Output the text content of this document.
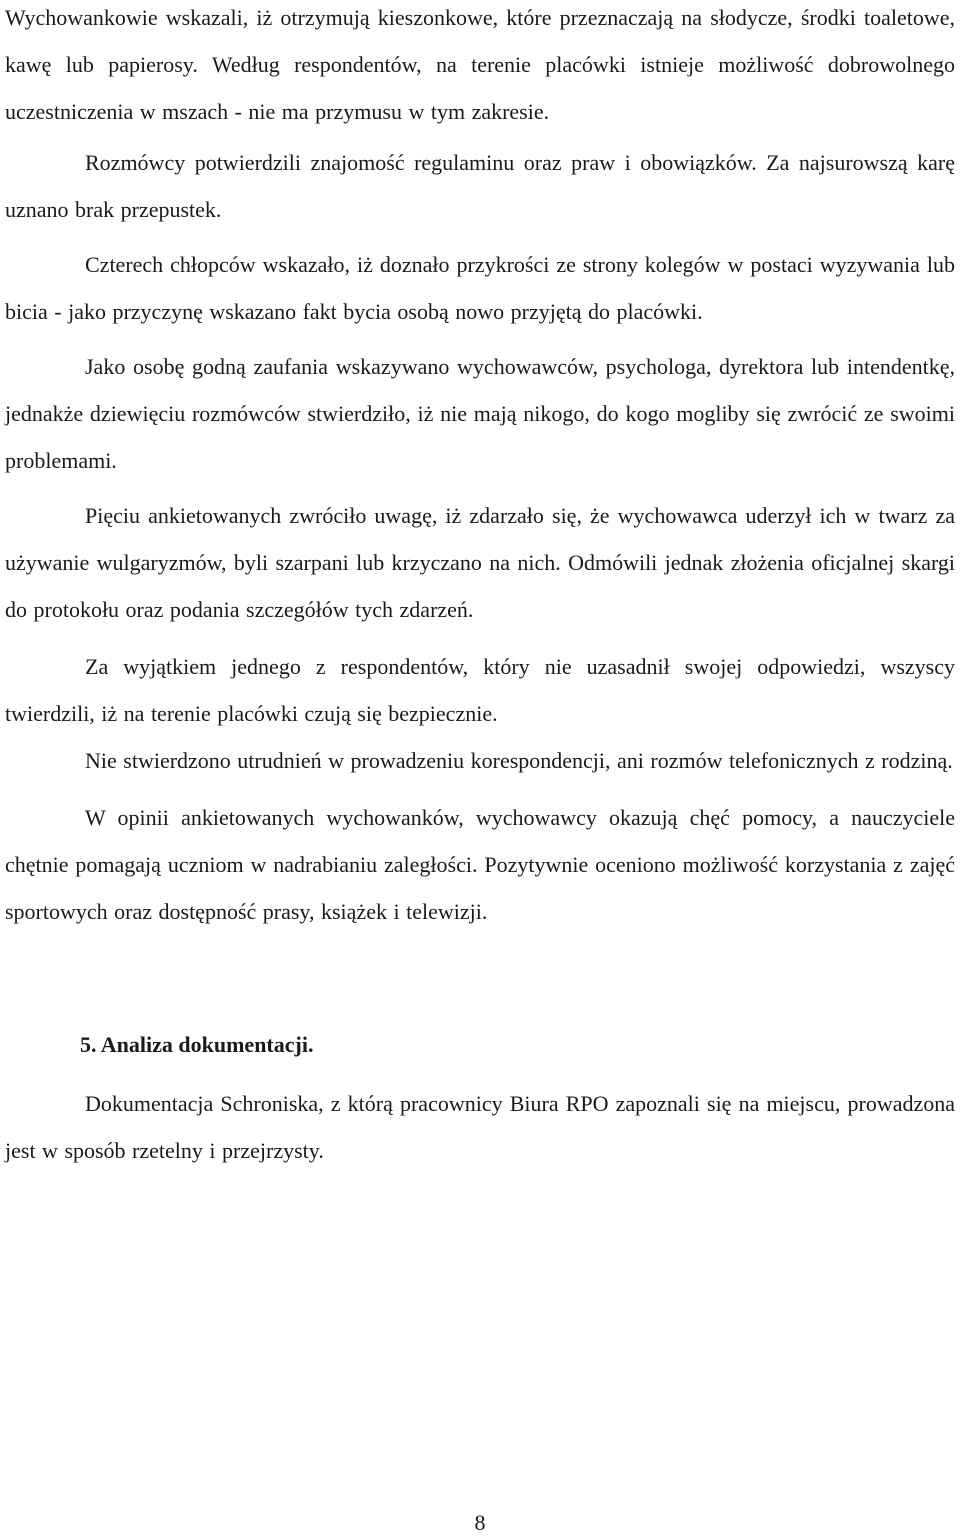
Wychowankowie wskazali, iż otrzymują kieszonkowe, które przeznaczają na słodycze, środki toaletowe, kawę lub papierosy. Według respondentów, na terenie placówki istnieje możliwość dobrowolnego uczestniczenia w mszach - nie ma przymusu w tym zakresie.

Rozmówcy potwierdzili znajomość regulaminu oraz praw i obowiązków. Za najsurowszą karę uznano brak przepustek.

Czterech chłopców wskazało, iż doznało przykrości ze strony kolegów w postaci wyzywania lub bicia - jako przyczynę wskazano fakt bycia osobą nowo przyjętą do placówki.

Jako osobę godną zaufania wskazywano wychowawców, psychologa, dyrektora lub intendentkę, jednakże dziewięciu rozmówców stwierdziło, iż nie mają nikogo, do kogo mogliby się zwrócić ze swoimi problemami.

Pięciu ankietowanych zwróciło uwagę, iż zdarzało się, że wychowawca uderzył ich w twarz za używanie wulgaryzmów, byli szarpani lub krzyczano na nich. Odmówili jednak złożenia oficjalnej skargi do protokołu oraz podania szczegółów tych zdarzeń.

Za wyjątkiem jednego z respondentów, który nie uzasadnił swojej odpowiedzi, wszyscy twierdzili, iż na terenie placówki czują się bezpiecznie.

Nie stwierdzono utrudnień w prowadzeniu korespondencji, ani rozmów telefonicznych z rodziną.

W opinii ankietowanych wychowanków, wychowawcy okazują chęć pomocy, a nauczyciele chętnie pomagają uczniom w nadrabianiu zaległości. Pozytywnie oceniono możliwość korzystania z zajęć sportowych oraz dostępność prasy, książek i telewizji.

5. Analiza dokumentacji.

Dokumentacja Schroniska, z którą pracownicy Biura RPO zapoznali się na miejscu, prowadzona jest w sposób rzetelny i przejrzysty.

8
